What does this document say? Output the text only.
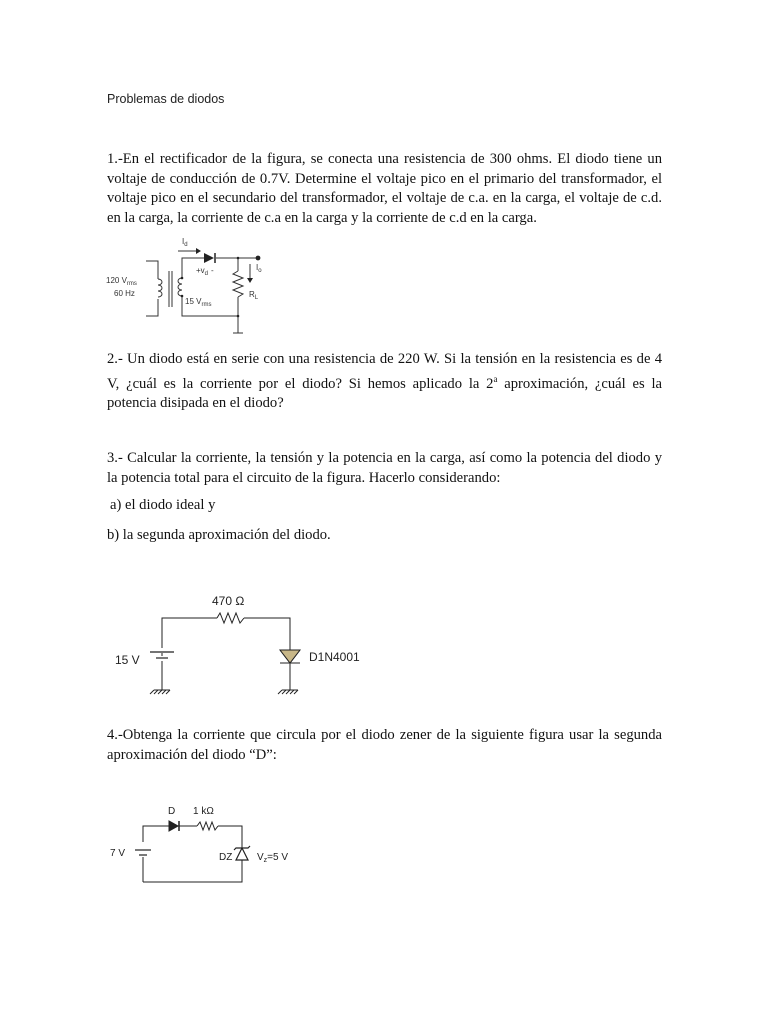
Problemas de diodos
1.-En el rectificador de la figura, se conecta una resistencia de 300 ohms. El diodo tiene un voltaje de conducción de 0.7V. Determine el voltaje pico en el primario del transformador, el voltaje pico en el secundario del transformador, el voltaje de c.a. en la carga, el voltaje de c.d. en la carga, la corriente de c.a en la carga y la corriente de c.d en la carga.
120 $V_{rms}$
60 Hz
15 $V_{rms}$
$I_d$
$+v_d$ -	$I_o$
$R_L$
2.- Un diodo está en serie con una resistencia de 220 W. Si la tensión en la resistencia es de 4 V, ¿cuál es la corriente por el diodo? Si hemos aplicado la 2$^a$ aproximación, ¿cuál es la potencia disipada en el diodo?
3.- Calcular la corriente, la tensión y la potencia en la carga, así como la potencia del diodo y la potencia total para el circuito de la figura. Hacerlo considerando:
a) el diodo ideal y
b) la segunda aproximación del diodo.
470 Ω
15 V	D1N4001
4.-Obtenga la corriente que circula por el diodo zener de la siguiente figura usar la segunda aproximación del diodo “D”:
D 1 kΩ
7 V	DZ $V_z=5$ V
